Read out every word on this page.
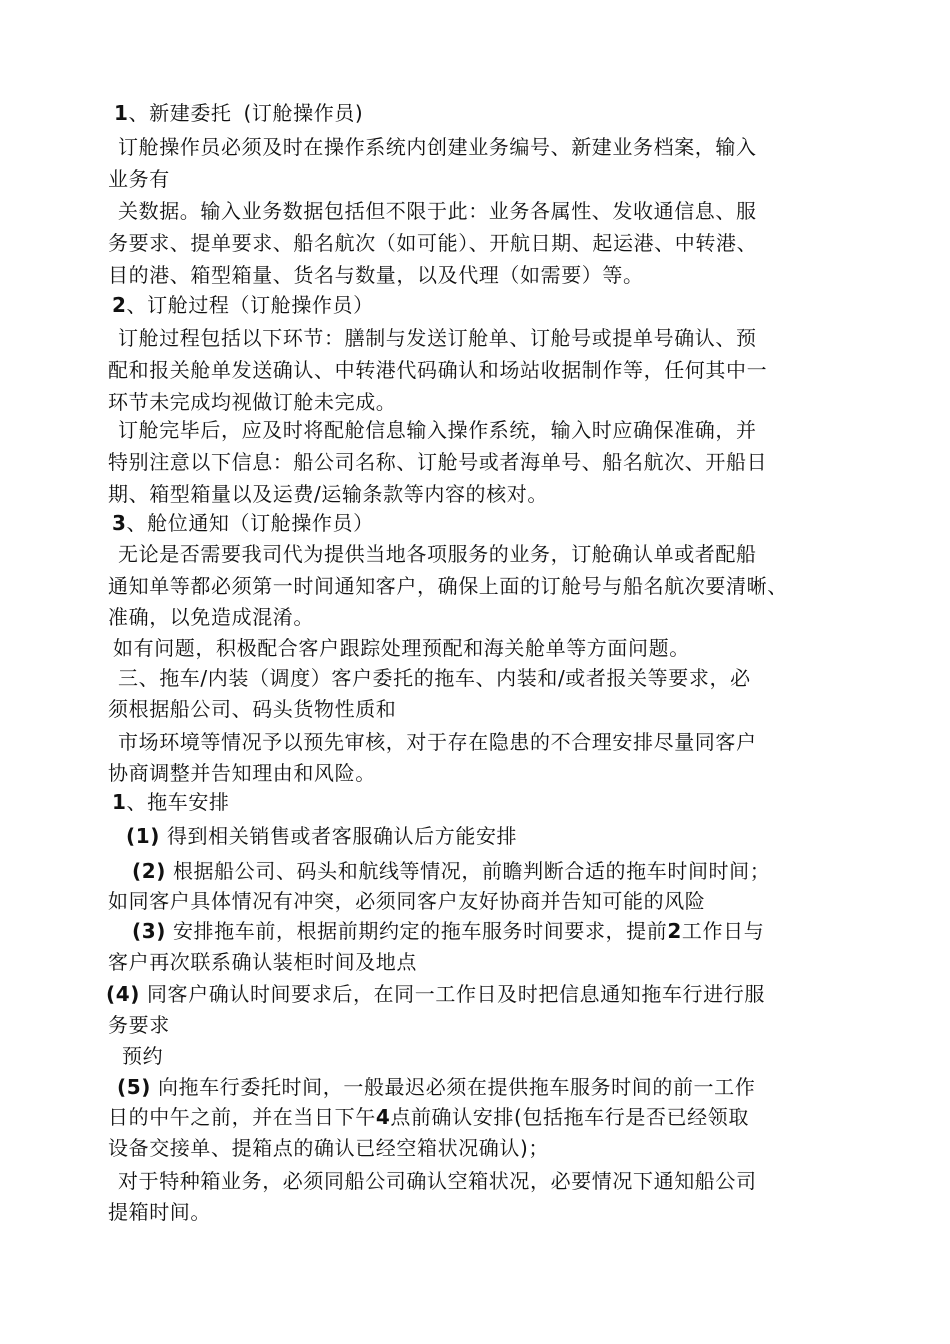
1、新建委托 (订舱操作员)
订舱操作员必须及时在操作系统内创建业务编号、新建业务档案，输入
业务有
关数据。输入业务数据包括但不限于此：业务各属性、发收通信息、服
务要求、提单要求、船名航次（如可能）、开航日期、起运港、中转港、
目的港、箱型箱量、货名与数量，以及代理（如需要）等。
2、订舱过程（订舱操作员）
订舱过程包括以下环节：膳制与发送订舱单、订舱号或提单号确认、预
配和报关舱单发送确认、中转港代码确认和场站收据制作等，任何其中一
环节未完成均视做订舱未完成。
订舱完毕后，应及时将配舱信息输入操作系统，输入时应确保准确，并
特别注意以下信息：船公司名称、订舱号或者海单号、船名航次、开船日
期、箱型箱量以及运费/运输条款等内容的核对。
3、舱位通知（订舱操作员）
无论是否需要我司代为提供当地各项服务的业务，订舱确认单或者配船
通知单等都必须第一时间通知客户，确保上面的订舱号与船名航次要清晰、
准确，以免造成混淆。
如有问题，积极配合客户跟踪处理预配和海关舱单等方面问题。
三、拖车/内装（调度）客户委托的拖车、内装和/或者报关等要求，必
须根据船公司、码头货物性质和
市场环境等情况予以预先审核，对于存在隐患的不合理安排尽量同客户
协商调整并告知理由和风险。
1、拖车安排
(1) 得到相关销售或者客服确认后方能安排
(2) 根据船公司、码头和航线等情况，前瞻判断合适的拖车时间时间；
如同客户具体情况有冲突，必须同客户友好协商并告知可能的风险
(3) 安排拖车前，根据前期约定的拖车服务时间要求，提前2工作日与
客户再次联系确认装柜时间及地点
(4) 同客户确认时间要求后，在同一工作日及时把信息通知拖车行进行服
务要求
预约
(5) 向拖车行委托时间，一般最迟必须在提供拖车服务时间的前一工作
日的中午之前，并在当日下午4点前确认安排(包括拖车行是否已经领取
设备交接单、提箱点的确认已经空箱状况确认)；
对于特种箱业务，必须同船公司确认空箱状况，必要情况下通知船公司
提箱时间。
